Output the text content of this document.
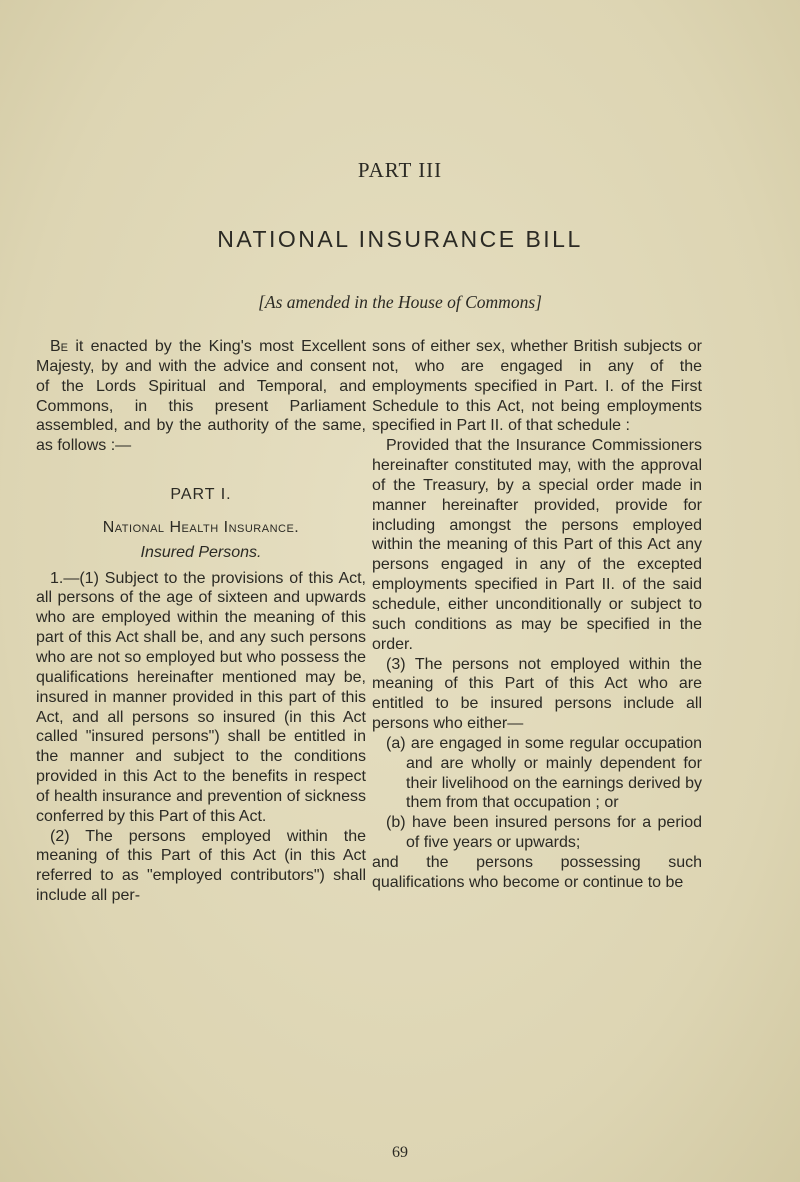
PART III
NATIONAL INSURANCE BILL
[As amended in the House of Commons]

Be it enacted by the King's most Excellent Majesty, by and with the advice and consent of the Lords Spiritual and Temporal, and Commons, in this present Parliament assembled, and by the authority of the same, as follows :—

PART I.

National Health Insurance.

Insured Persons.

1.—(1) Subject to the provisions of this Act, all persons of the age of sixteen and upwards who are employed within the meaning of this part of this Act shall be, and any such persons who are not so employed but who possess the qualifications hereinafter mentioned may be, insured in manner provided in this part of this Act, and all persons so insured (in this Act called "insured persons") shall be entitled in the manner and subject to the conditions provided in this Act to the benefits in respect of health insurance and prevention of sickness conferred by this Part of this Act.

(2) The persons employed within the meaning of this Part of this Act (in this Act referred to as "employed contributors") shall include all per-

sons of either sex, whether British subjects or not, who are engaged in any of the employments specified in Part. I. of the First Schedule to this Act, not being employments specified in Part II. of that schedule :

Provided that the Insurance Commissioners hereinafter constituted may, with the approval of the Treasury, by a special order made in manner hereinafter provided, provide for including amongst the persons employed within the meaning of this Part of this Act any persons engaged in any of the excepted employments specified in Part II. of the said schedule, either unconditionally or subject to such conditions as may be specified in the order.

(3) The persons not employed within the meaning of this Part of this Act who are entitled to be insured persons include all persons who either—

(a) are engaged in some regular occupation and are wholly or mainly dependent for their livelihood on the earnings derived by them from that occupation ; or

(b) have been insured persons for a period of five years or upwards;

and the persons possessing such qualifications who become or continue to be

69
